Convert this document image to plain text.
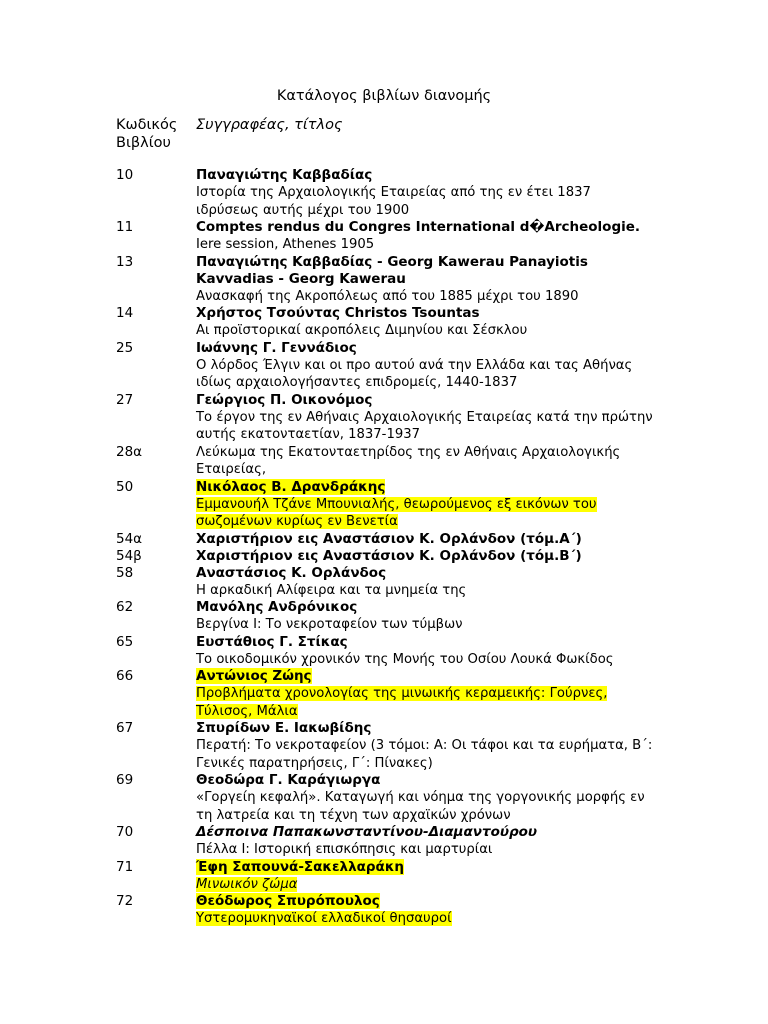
Κατάλογος βιβλίων διανομής
Κωδικός Βιβλίου
Συγγραφέας, τίτλος
10	Παναγιώτης Καββαδίας
Ιστορία της Αρχαιολογικής Εταιρείας από της εν έτει 1837 ιδρύσεως αυτής μέχρι του 1900
11	Comptes rendus du Congres International d�Archeologie.
Iere session, Athenes 1905
13	Παναγιώτης Καββαδίας - Georg Kawerau Panayiotis Kavvadias - Georg Kawerau
Ανασκαφή της Ακροπόλεως από του 1885 μέχρι του 1890
14	Χρήστος Τσούντας Christos Tsountas
Αι προϊστορικαί ακροπόλεις Διμηνίου και Σέσκλου
25	Ιωάννης Γ. Γεννάδιος
Ο λόρδος Έλγιν και οι προ αυτού ανά την Ελλάδα και τας Αθήνας ιδίως αρχαιολογήσαντες επιδρομείς, 1440-1837
27	Γεώργιος Π. Οικονόμος
Το έργον της εν Αθήναις Αρχαιολογικής Εταιρείας κατά την πρώτην αυτής εκατονταετίαν, 1837-1937
28α	Λεύκωμα της Εκατονταετηρίδος της εν Αθήναις Αρχαιολογικής Εταιρείας,
50	Νικόλαος Β. Δρανδράκης
Εμμανουήλ Τζάνε Μπουνιαλής, θεωρούμενος εξ εικόνων του σωζομένων κυρίως εν Βενετία
54α	Χαριστήριον εις Αναστάσιον Κ. Ορλάνδον (τόμ.Α΄)
54β	Χαριστήριον εις Αναστάσιον Κ. Ορλάνδον (τόμ.Β΄)
58	Αναστάσιος Κ. Ορλάνδος
Η αρκαδική Αλίφειρα και τα μνημεία της
62	Μανόλης Ανδρόνικος
Βεργίνα Ι: Το νεκροταφείον των τύμβων
65	Ευστάθιος Γ. Στίκας
Το οικοδομικόν χρονικόν της Μονής του Οσίου Λουκά Φωκίδος
66	Αντώνιος Ζώης
Προβλήματα χρονολογίας της μινωικής κεραμεικής: Γούρνες, Τύλισος, Μάλια
67	Σπυρίδων Ε. Ιακωβίδης
Περατή: Το νεκροταφείον (3 τόμοι: Α: Οι τάφοι και τα ευρήματα, Β΄: Γενικές παρατηρήσεις, Γ΄: Πίνακες)
69	Θεοδώρα Γ. Καράγιωργα
«Γοργείη κεφαλή». Καταγωγή και νόημα της γοργονικής μορφής εν τη λατρεία και τη τέχνη των αρχαϊκών χρόνων
70	Δέσποινα Παπακωνσταντίνου-Διαμαντούρου
Πέλλα Ι: Ιστορική επισκόπησις και μαρτυρίαι
71	Έφη Σαπουνά-Σακελλαράκη
Μινωικόν ζώμα
72	Θεόδωρος Σπυρόπουλος
Υστερομυκηναϊκοί ελλαδικοί θησαυροί
